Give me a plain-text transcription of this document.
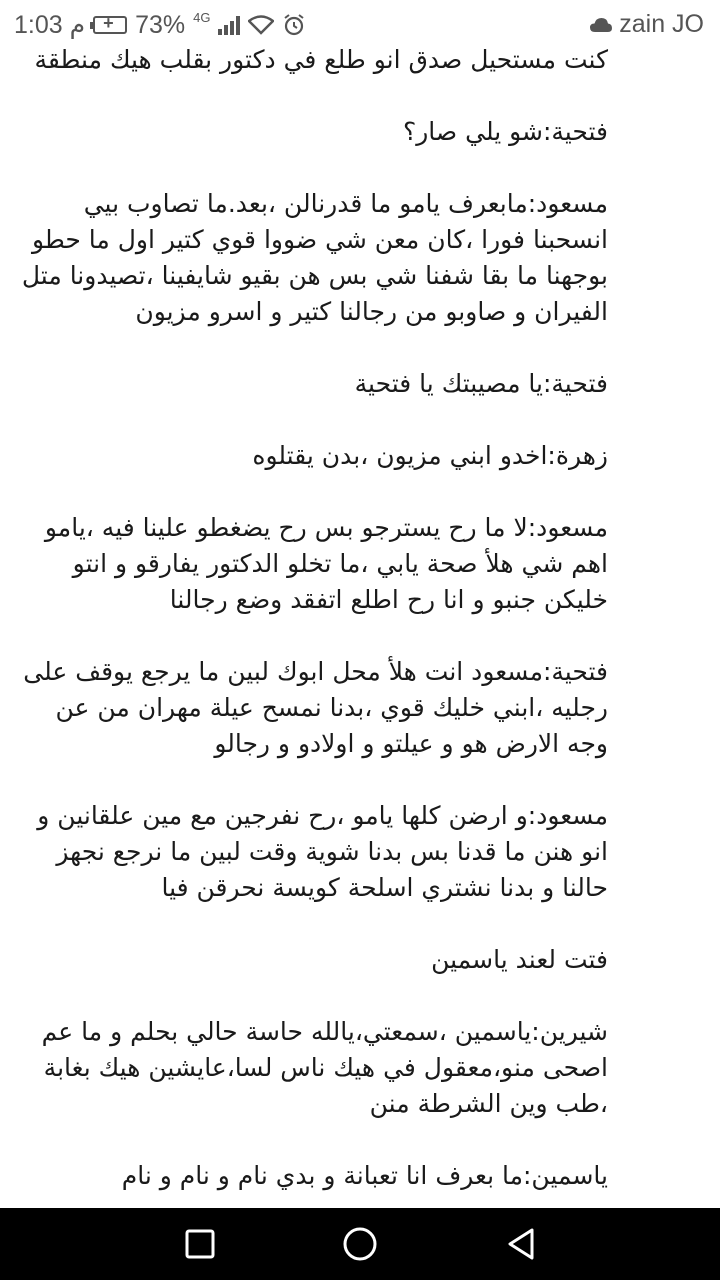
1:03 م + 73% 4G	zain JO
كنت مستحيل صدق انو طلع في دكتور بقلب هيك منطقة
فتحية:شو يلي صار؟
مسعود:مابعرف يامو ما قدرنالن ،بعد.ما تصاوب بيي انسحبنا فورا ،كان معن شي ضووا قوي كتير اول ما حطو بوجهنا ما بقا شفنا شي بس هن بقيو شايفينا ،تصيدونا متل الفيران و صاوبو من رجالنا كتير و اسرو مزيون
فتحية:يا مصيبتك يا فتحية
زهرة:اخدو ابني مزيون ،بدن يقتلوه
مسعود:لا ما رح يسترجو بس رح يضغطو علينا فيه ،يامو اهم شي هلأ صحة يابي ،ما تخلو الدكتور يفارقو و انتو خليكن جنبو و انا رح اطلع اتفقد وضع رجالنا
فتحية:مسعود انت هلأ محل ابوك لبين ما يرجع يوقف على رجليه ،ابني خليك قوي ،بدنا نمسح عيلة مهران من عن وجه الارض هو و عيلتو و اولادو و رجالو
مسعود:و ارضن كلها يامو ،رح نفرجين مع مين علقانين و انو هنن ما قدنا بس بدنا شوية وقت لبين ما نرجع نجهز حالنا و بدنا نشتري اسلحة كويسة نحرقن فيا
فتت لعند ياسمين
شيرين:ياسمين ،سمعتي،يالله حاسة حالي بحلم و ما عم اصحى منو،معقول في هيك ناس لسا،عايشين هيك بغابة ،طب وين الشرطة منن
ياسمين:ما بعرف انا تعبانة و بدي نام و نام و نام
